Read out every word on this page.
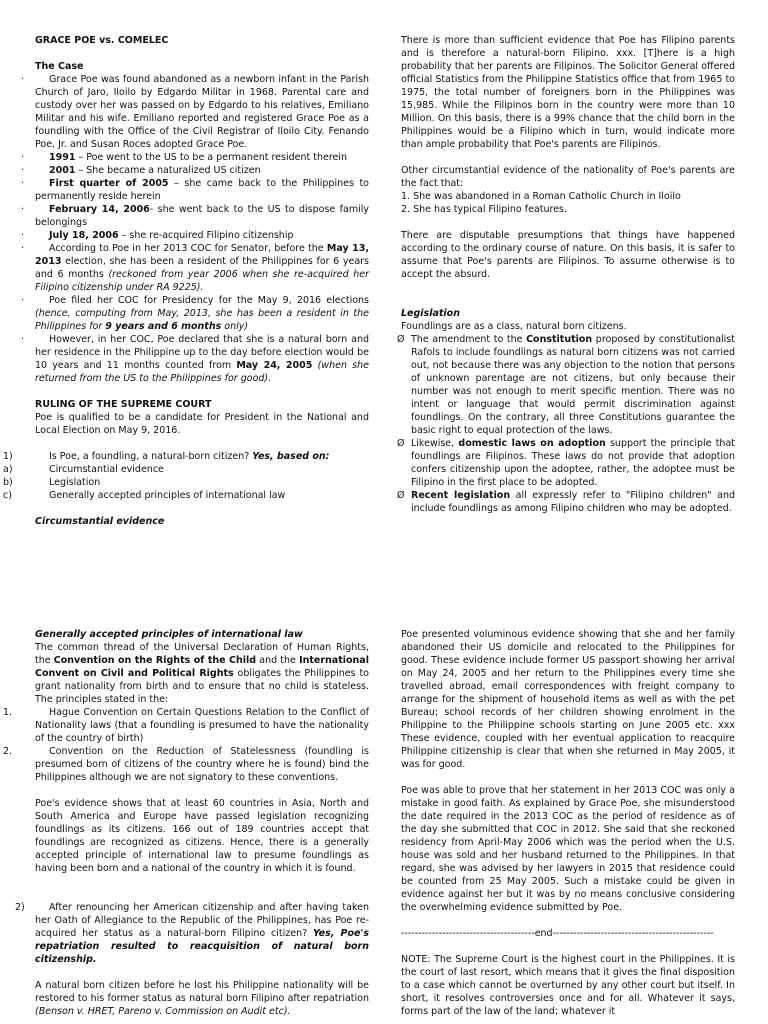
GRACE POE vs. COMELEC
The Case
·	Grace Poe was found abandoned as a newborn infant in the Parish Church of Jaro, Iloilo by Edgardo Militar in 1968. Parental care and custody over her was passed on by Edgardo to his relatives, Emiliano Militar and his wife. Emiliano reported and registered Grace Poe as a foundling with the Office of the Civil Registrar of Iloilo City. Fenando Poe, Jr. and Susan Roces adopted Grace Poe.
·	1991 – Poe went to the US to be a permanent resident therein
·	2001 – She became a naturalized US citizen
·	First quarter of 2005 – she came back to the Philippines to permanently reside herein
·	February 14, 2006- she went back to the US to dispose family belongings
·	July 18, 2006 – she re-acquired Filipino citizenship
·	According to Poe in her 2013 COC for Senator, before the May 13, 2013 election, she has been a resident of the Philippines for 6 years and 6 months (reckoned from year 2006 when she re-acquired her Filipino citizenship under RA 9225).
·	Poe filed her COC for Presidency for the May 9, 2016 elections (hence, computing from May, 2013, she has been a resident in the Philippines for 9 years and 6 months only)
·	However, in her COC, Poe declared that she is a natural born and her residence in the Philippine up to the day before election would be 10 years and 11 months counted from May 24, 2005 (when she returned from the US to the Philippines for good).
RULING OF THE SUPREME COURT
Poe is qualified to be a candidate for President in the National and Local Election on May 9, 2016.
1)	Is Poe, a foundling, a natural-born citizen? Yes, based on:
a)	Circumstantial evidence
b)	Legislation
c)	Generally accepted principles of international law
Circumstantial evidence
There is more than sufficient evidence that Poe has Filipino parents and is therefore a natural-born Filipino. xxx. [T]here is a high probability that her parents are Filipinos. The Solicitor General offered official Statistics from the Philippine Statistics office that from 1965 to 1975, the total number of foreigners born in the Philippines was 15,985. While the Filipinos born in the country were more than 10 Million. On this basis, there is a 99% chance that the child born in the Philippines would be a Filipino which in turn, would indicate more than ample probability that Poe's parents are Filipinos.
Other circumstantial evidence of the nationality of Poe's parents are the fact that:
1. She was abandoned in a Roman Catholic Church in Iloilo
2. She has typical Filipino features.
There are disputable presumptions that things have happened according to the ordinary course of nature. On this basis, it is safer to assume that Poe's parents are Filipinos. To assume otherwise is to accept the absurd.
Legislation
Foundlings are as a class, natural born citizens.
Ø The amendment to the Constitution proposed by constitutionalist Rafols to include foundlings as natural born citizens was not carried out, not because there was any objection to the notion that persons of unknown parentage are not citizens, but only because their number was not enough to merit specific mention. There was no intent or language that would permit discrimination against foundlings. On the contrary, all three Constitutions guarantee the basic right to equal protection of the laws.
Ø Likewise, domestic laws on adoption support the principle that foundlings are Filipinos. These laws do not provide that adoption confers citizenship upon the adoptee, rather, the adoptee must be Filipino in the first place to be adopted.
Ø Recent legislation all expressly refer to "Filipino children" and include foundlings as among Filipino children who may be adopted.
Generally accepted principles of international law
The common thread of the Universal Declaration of Human Rights, the Convention on the Rights of the Child and the International Convent on Civil and Political Rights obligates the Philippines to grant nationality from birth and to ensure that no child is stateless. The principles stated in the:
1.	Hague Convention on Certain Questions Relation to the Conflict of Nationality laws (that a foundling is presumed to have the nationality of the country of birth)
2.	Convention on the Reduction of Statelessness (foundling is presumed born of citizens of the country where he is found) bind the Philippines although we are not signatory to these conventions.
Poe's evidence shows that at least 60 countries in Asia, North and South America and Europe have passed legislation recognizing foundlings as its citizens. 166 out of 189 countries accept that foundlings are recognized as citizens. Hence, there is a generally accepted principle of international law to presume foundlings as having been born and a national of the country in which it is found.
2)	After renouncing her American citizenship and after having taken her Oath of Allegiance to the Republic of the Philippines, has Poe re-acquired her status as a natural-born Filipino citizen? Yes, Poe's repatriation resulted to reacquisition of natural born citizenship.
A natural born citizen before he lost his Philippine nationality will be restored to his former status as natural born Filipino after repatriation (Benson v. HRET, Pareno v. Commission on Audit etc).
Poe presented voluminous evidence showing that she and her family abandoned their US domicile and relocated to the Philippines for good. These evidence include former US passport showing her arrival on May 24, 2005 and her return to the Philippines every time she travelled abroad, email correspondences with freight company to arrange for the shipment of household items as well as with the pet Bureau; school records of her children showing enrolment in the Philippine to the Philippine schools starting on June 2005 etc. xxx These evidence, coupled with her eventual application to reacquire Philippine citizenship is clear that when she returned in May 2005, it was for good.
Poe was able to prove that her statement in her 2013 COC was only a mistake in good faith. As explained by Grace Poe, she misunderstood the date required in the 2013 COC as the period of residence as of the day she submitted that COC in 2012. She said that she reckoned residency from April-May 2006 which was the period when the U.S. house was sold and her husband returned to the Philippines. In that regard, she was advised by her lawyers in 2015 that residence could be counted from 25 May 2005. Such a mistake could be given in evidence against her but it was by no means conclusive considering the overwhelming evidence submitted by Poe.
---------------------------------------end-----------------------------------------------
NOTE: The Supreme Court is the highest court in the Philippines. It is the court of last resort, which means that it gives the final disposition to a case which cannot be overturned by any other court but itself. In short, it resolves controversies once and for all. Whatever it says, forms part of the law of the land; whatever it
